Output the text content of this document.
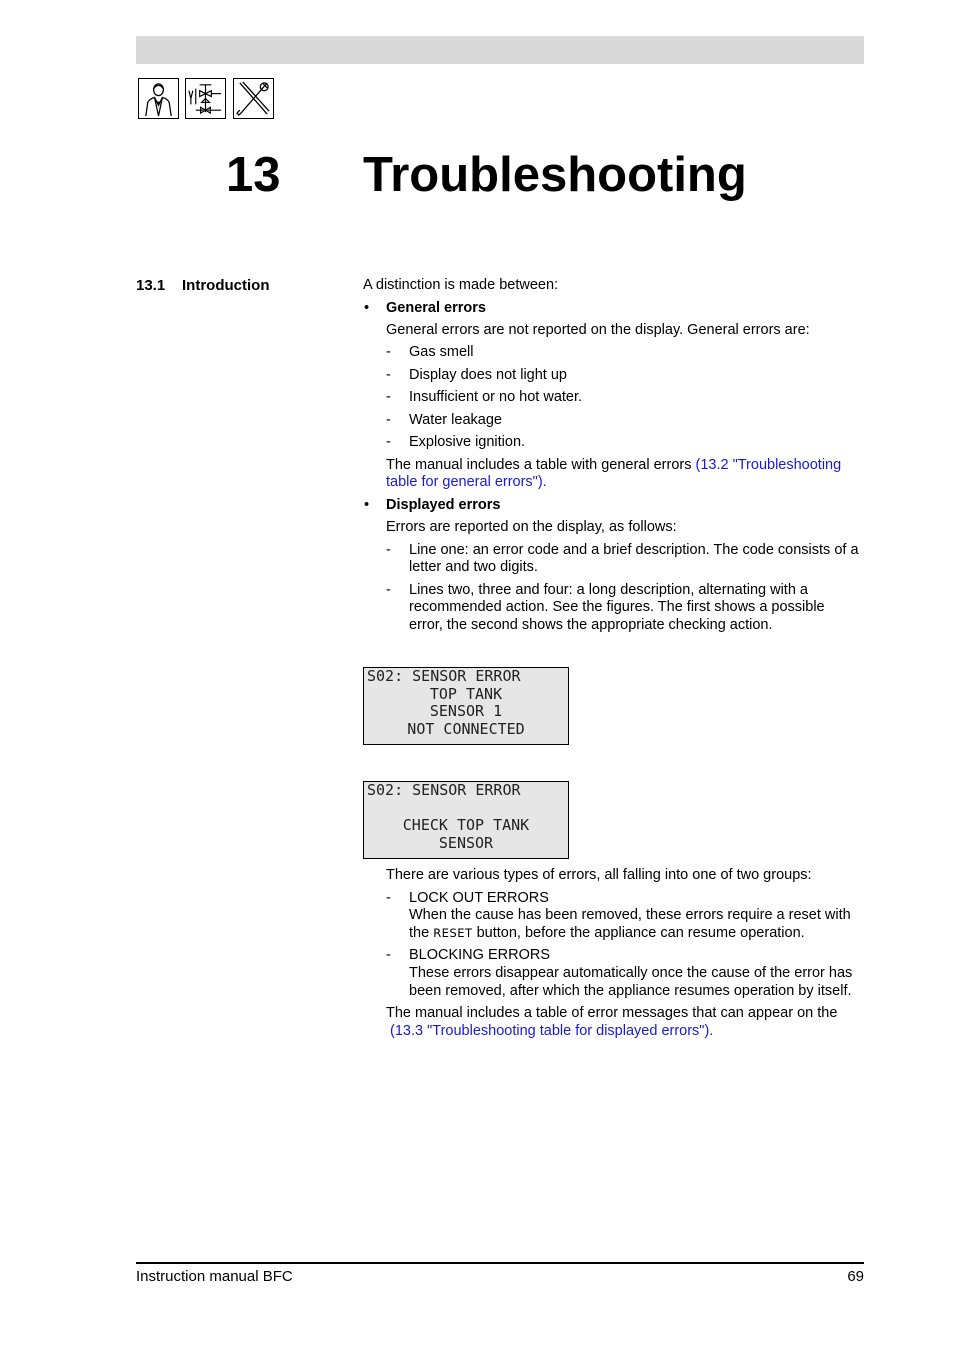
13 Troubleshooting
13.1 Introduction	A distinction is made between:
• General errors
General errors are not reported on the display. General errors are:
- Gas smell
- Display does not light up
- Insufficient or no hot water.
- Water leakage
- Explosive ignition.
The manual includes a table with general errors (13.2 "Troubleshooting
table for general errors").
• Displayed errors
Errors are reported on the display, as follows:
- Line one: an error code and a brief description. The code consists of a
letter and two digits.
- Lines two, three and four: a long description, alternating with a
recommended action. See the figures. The first shows a possible
error, the second shows the appropriate checking action.
S02: SENSOR ERROR
TOP TANK
SENSOR 1
NOT CONNECTED
S02: SENSOR ERROR
CHECK TOP TANK
SENSOR
There are various types of errors, all falling into one of two groups:
- LOCK OUT ERRORS
When the cause has been removed, these errors require a reset with
the RESET button, before the appliance can resume operation.
- BLOCKING ERRORS
These errors disappear automatically once the cause of the error has
been removed, after which the appliance resumes operation by itself.
The manual includes a table of error messages that can appear on the
(13.3 "Troubleshooting table for displayed errors").
Instruction manual BFC	69
